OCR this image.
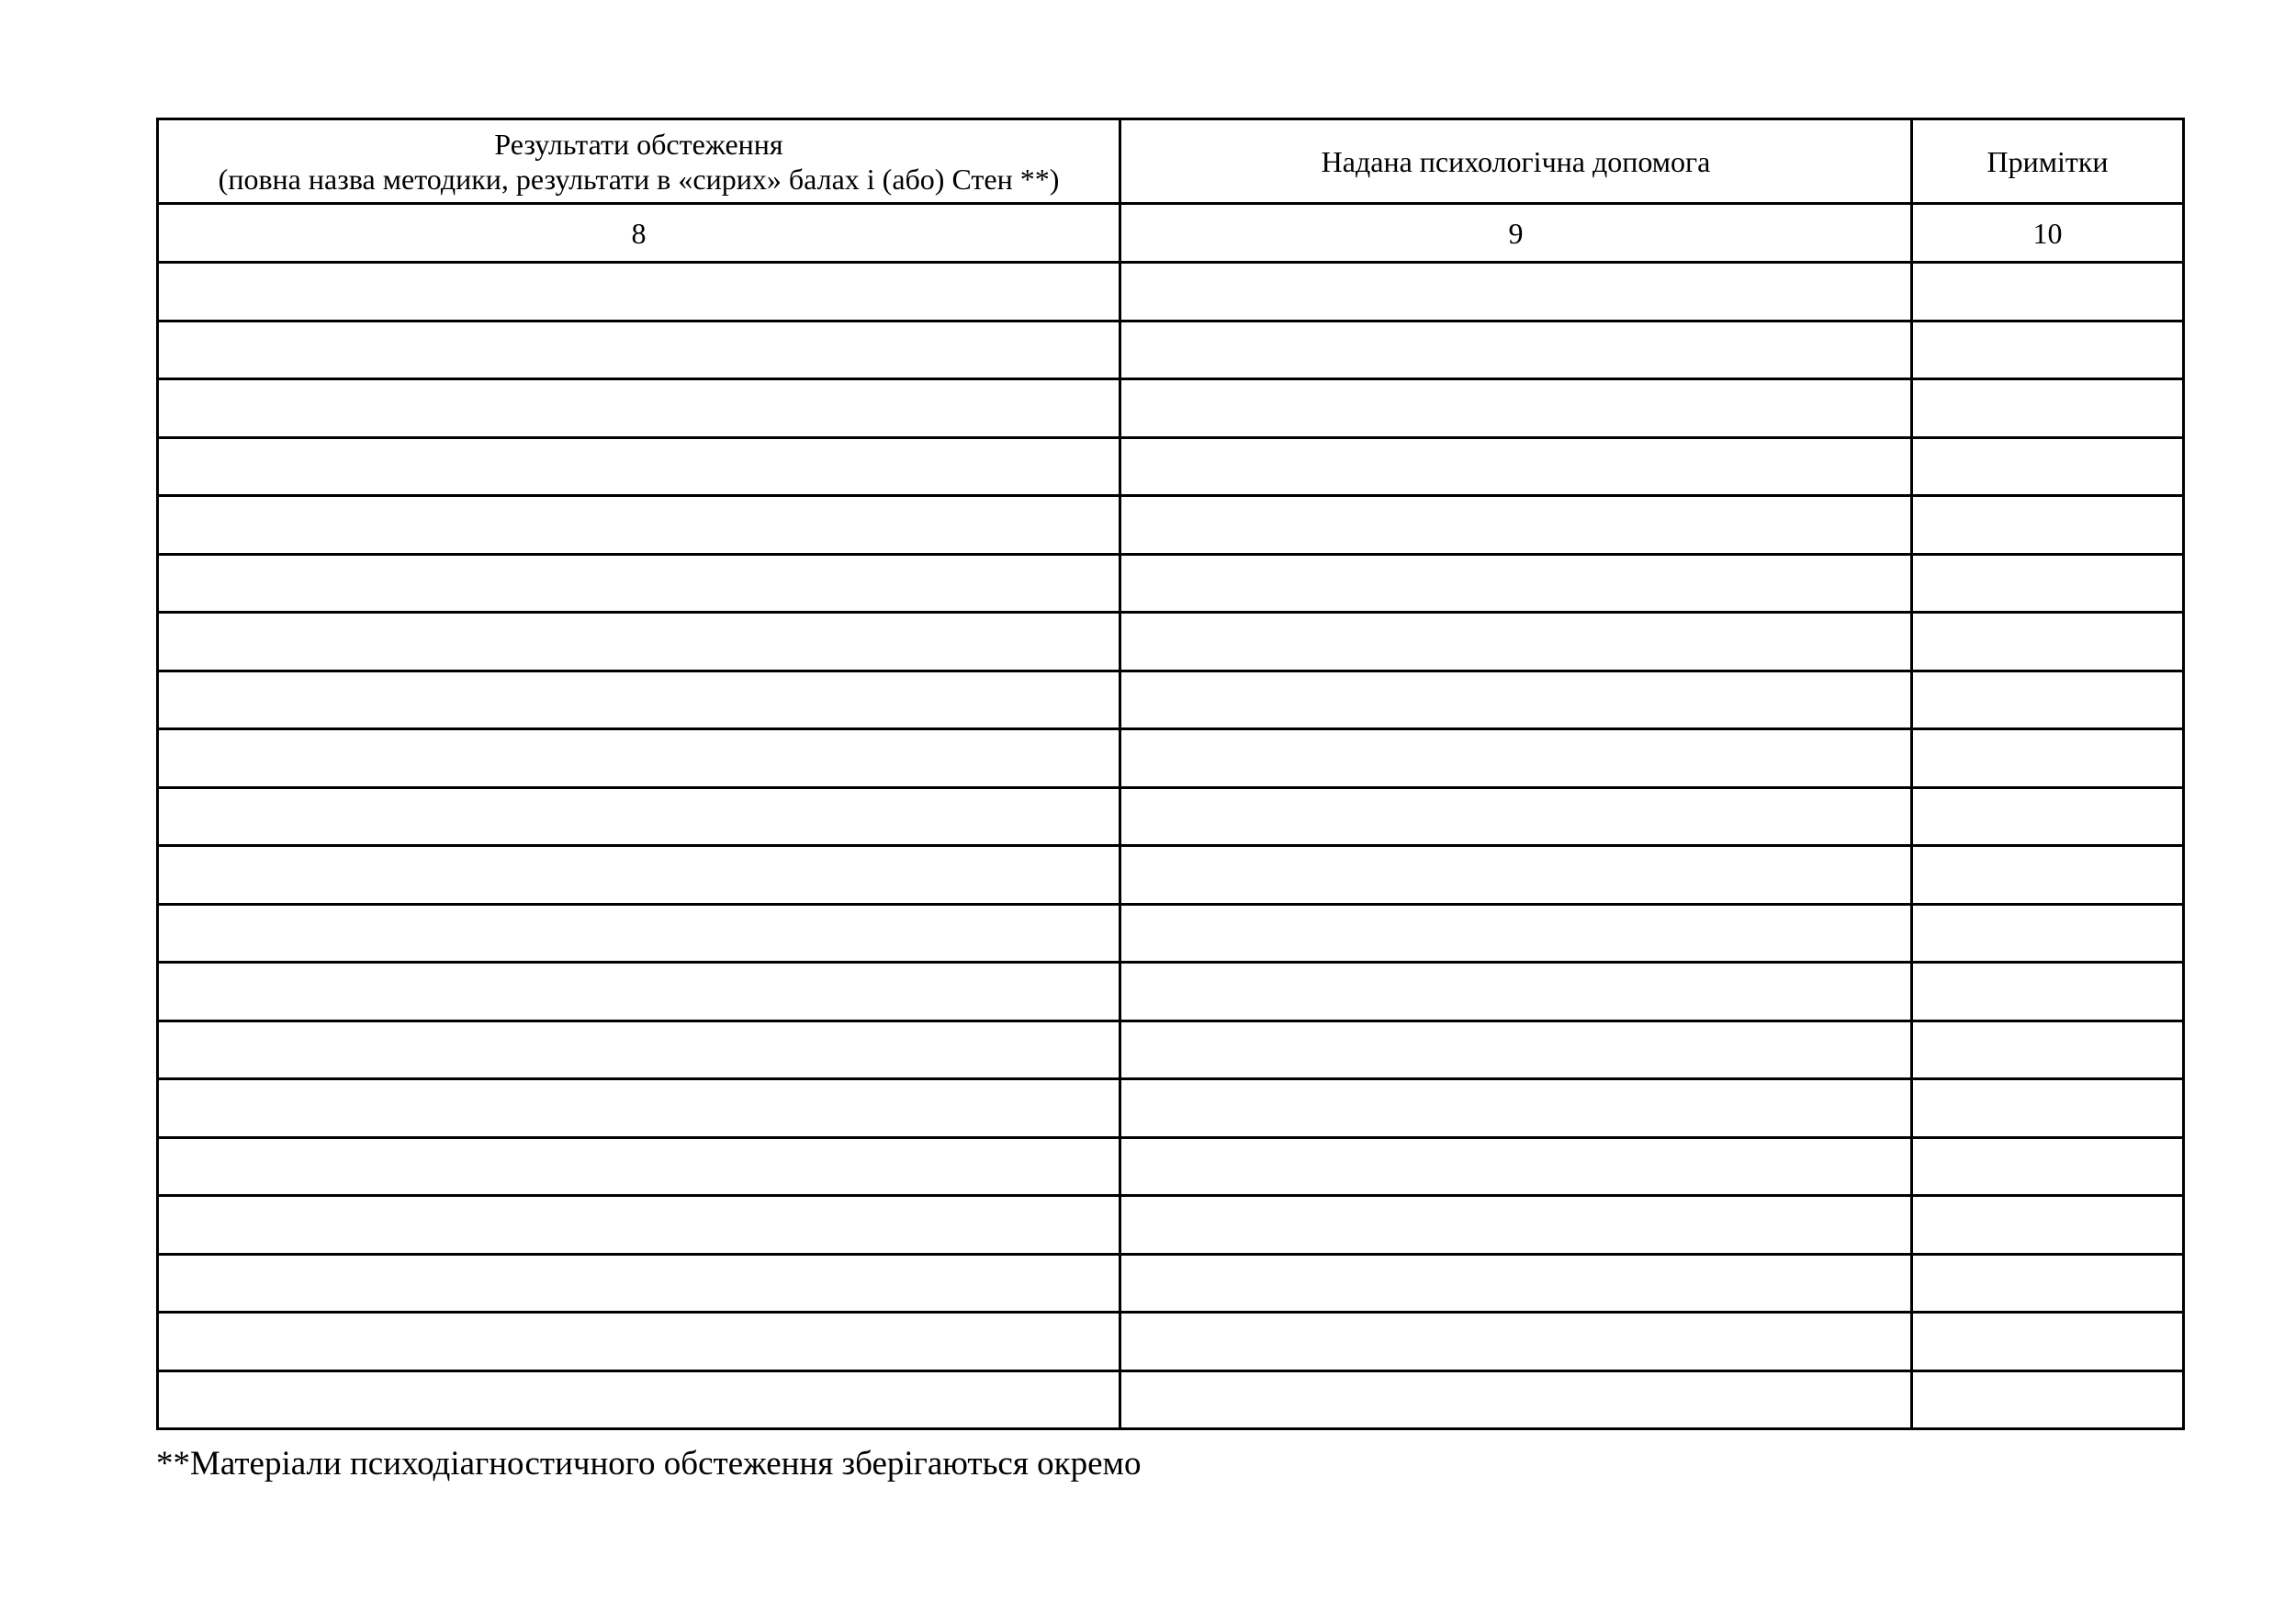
Результати обстеження
(повна назва методики, результати в «сирих» балах і (або) Стен **)	Надана психологічна допомога	Примітки
8	9	10

**Матеріали психодіагностичного обстеження зберігаються окремо
